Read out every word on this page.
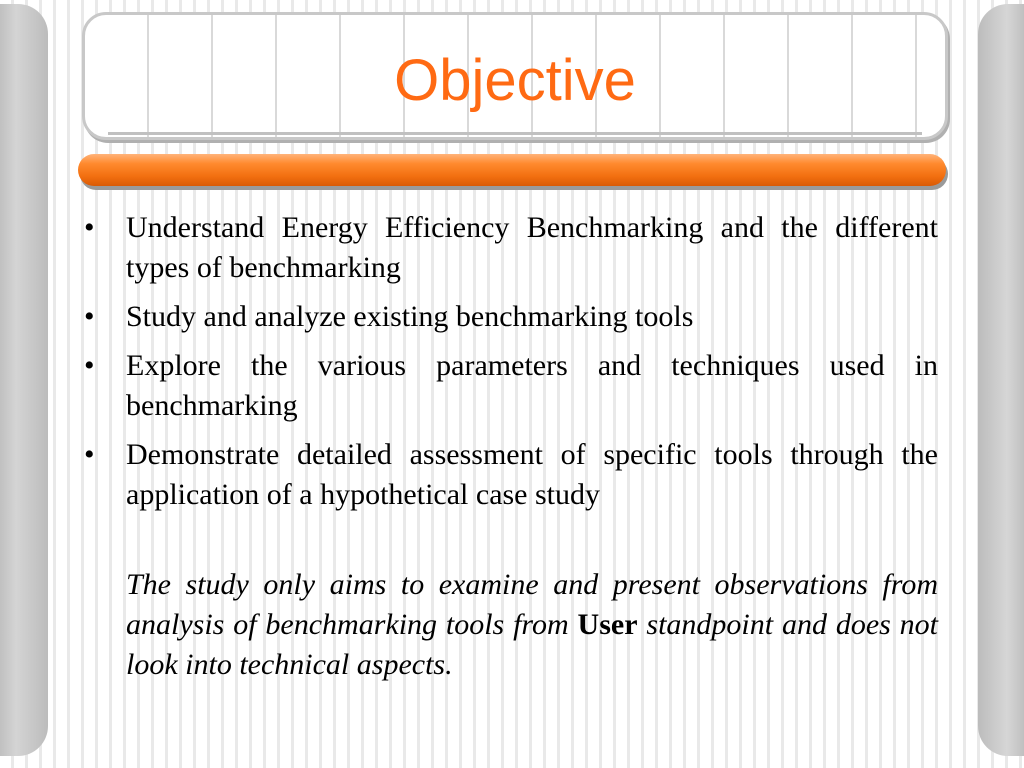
Objective
•	Understand Energy Efficiency Benchmarking and the different types of benchmarking
•	Study and analyze existing benchmarking tools
•	Explore the various parameters and techniques used in benchmarking
•	Demonstrate detailed assessment of specific tools through the application of a hypothetical case study

The study only aims to examine and present observations from analysis of benchmarking tools from User standpoint and does not look into technical aspects.
